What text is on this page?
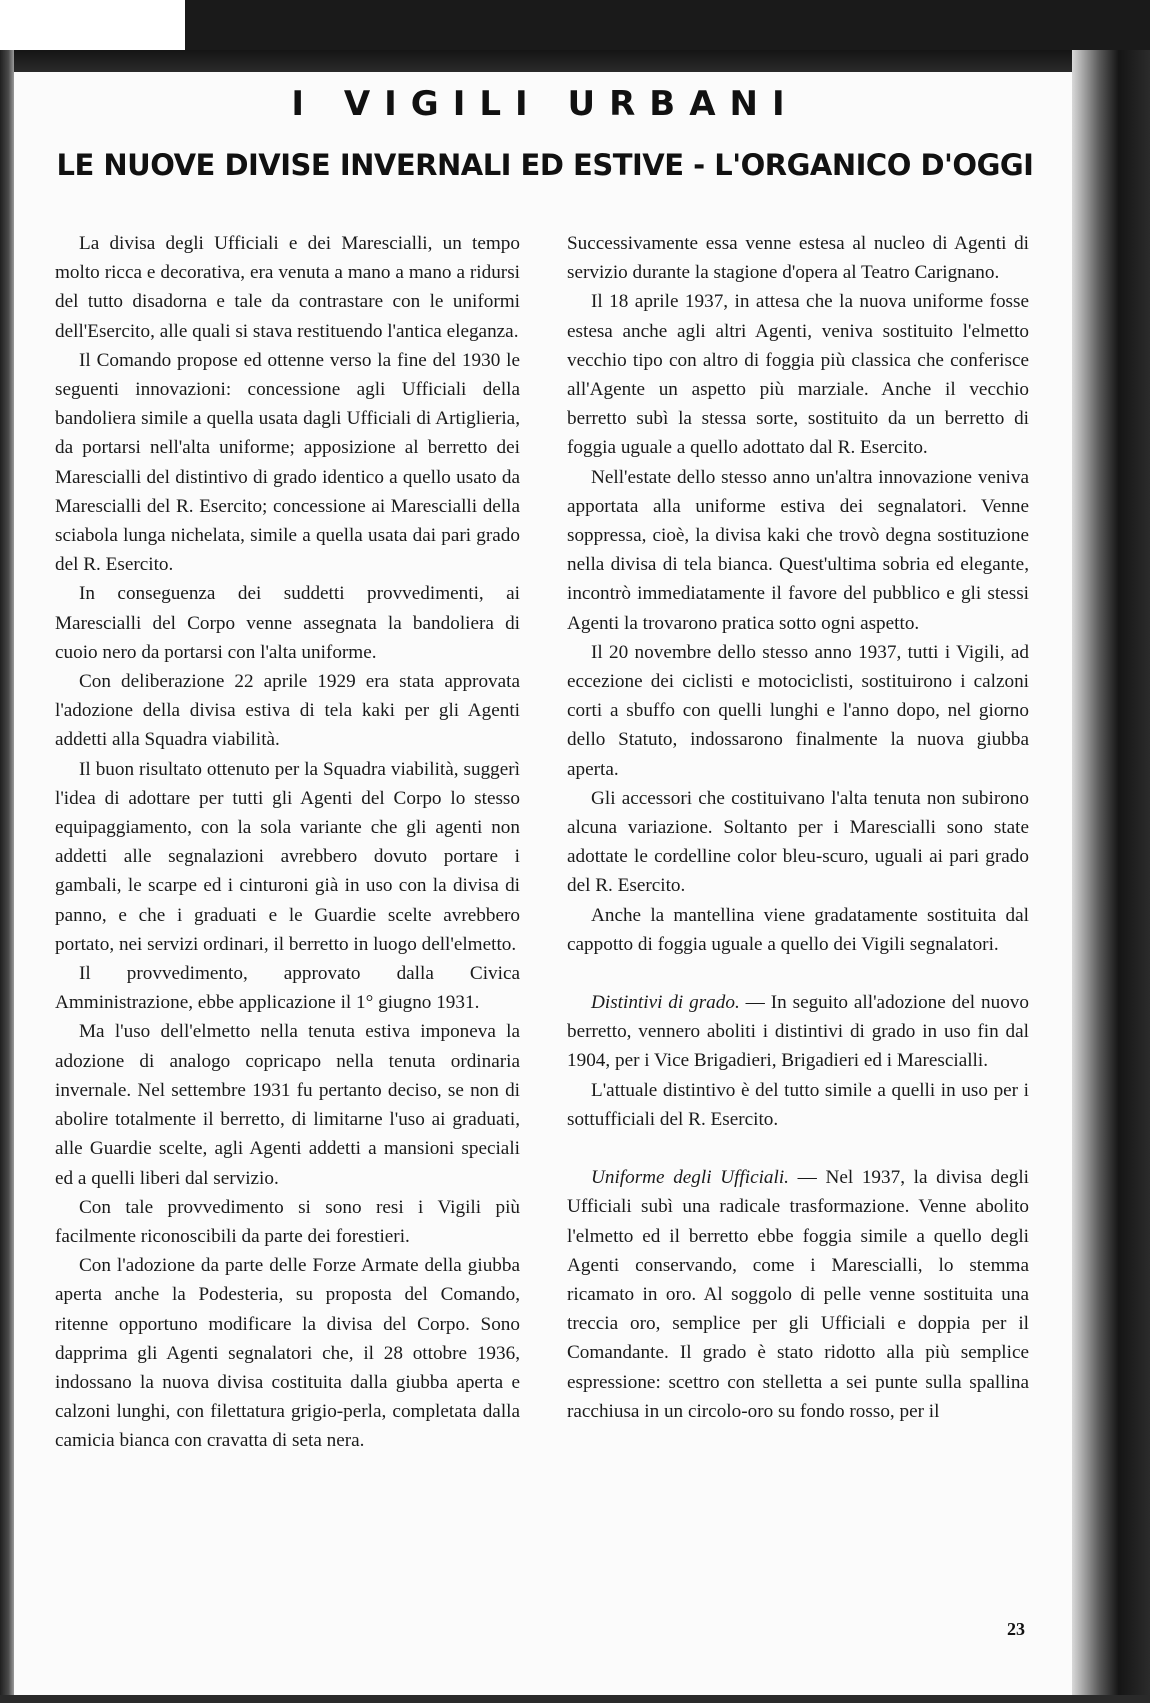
I VIGILI URBANI
LE NUOVE DIVISE INVERNALI ED ESTIVE - L'ORGANICO D'OGGI

La divisa degli Ufficiali e dei Marescialli, un tempo molto ricca e decorativa, era venuta a mano a mano a ridursi del tutto disadorna e tale da contrastare con le uniformi dell'Esercito, alle quali si stava restituendo l'antica eleganza.

Il Comando propose ed ottenne verso la fine del 1930 le seguenti innovazioni: concessione agli Ufficiali della bandoliera simile a quella usata dagli Ufficiali di Artiglieria, da portarsi nell'alta uniforme; apposizione al berretto dei Marescialli del distintivo di grado identico a quello usato da Marescialli del R. Esercito; concessione ai Marescialli della sciabola lunga nichelata, simile a quella usata dai pari grado del R. Esercito.

In conseguenza dei suddetti provvedimenti, ai Marescialli del Corpo venne assegnata la bandoliera di cuoio nero da portarsi con l'alta uniforme.

Con deliberazione 22 aprile 1929 era stata approvata l'adozione della divisa estiva di tela kaki per gli Agenti addetti alla Squadra viabilità.

Il buon risultato ottenuto per la Squadra viabilità, suggerì l'idea di adottare per tutti gli Agenti del Corpo lo stesso equipaggiamento, con la sola variante che gli agenti non addetti alle segnalazioni avrebbero dovuto portare i gambali, le scarpe ed i cinturoni già in uso con la divisa di panno, e che i graduati e le Guardie scelte avrebbero portato, nei servizi ordinari, il berretto in luogo dell'elmetto.

Il provvedimento, approvato dalla Civica Amministrazione, ebbe applicazione il 1° giugno 1931.

Ma l'uso dell'elmetto nella tenuta estiva imponeva la adozione di analogo copricapo nella tenuta ordinaria invernale. Nel settembre 1931 fu pertanto deciso, se non di abolire totalmente il berretto, di limitarne l'uso ai graduati, alle Guardie scelte, agli Agenti addetti a mansioni speciali ed a quelli liberi dal servizio.

Con tale provvedimento si sono resi i Vigili più facilmente riconoscibili da parte dei forestieri.

Con l'adozione da parte delle Forze Armate della giubba aperta anche la Podesteria, su proposta del Comando, ritenne opportuno modificare la divisa del Corpo. Sono dapprima gli Agenti segnalatori che, il 28 ottobre 1936, indossano la nuova divisa costituita dalla giubba aperta e calzoni lunghi, con filettatura grigio-perla, completata dalla camicia bianca con cravatta di seta nera.

Successivamente essa venne estesa al nucleo di Agenti di servizio durante la stagione d'opera al Teatro Carignano.

Il 18 aprile 1937, in attesa che la nuova uniforme fosse estesa anche agli altri Agenti, veniva sostituito l'elmetto vecchio tipo con altro di foggia più classica che conferisce all'Agente un aspetto più marziale. Anche il vecchio berretto subì la stessa sorte, sostituito da un berretto di foggia uguale a quello adottato dal R. Esercito.

Nell'estate dello stesso anno un'altra innovazione veniva apportata alla uniforme estiva dei segnalatori. Venne soppressa, cioè, la divisa kaki che trovò degna sostituzione nella divisa di tela bianca. Quest'ultima sobria ed elegante, incontrò immediatamente il favore del pubblico e gli stessi Agenti la trovarono pratica sotto ogni aspetto.

Il 20 novembre dello stesso anno 1937, tutti i Vigili, ad eccezione dei ciclisti e motociclisti, sostituirono i calzoni corti a sbuffo con quelli lunghi e l'anno dopo, nel giorno dello Statuto, indossarono finalmente la nuova giubba aperta.

Gli accessori che costituivano l'alta tenuta non subirono alcuna variazione. Soltanto per i Marescialli sono state adottate le cordelline color bleu-scuro, uguali ai pari grado del R. Esercito.

Anche la mantellina viene gradatamente sostituita dal cappotto di foggia uguale a quello dei Vigili segnalatori.

Distintivi di grado. — In seguito all'adozione del nuovo berretto, vennero aboliti i distintivi di grado in uso fin dal 1904, per i Vice Brigadieri, Brigadieri ed i Marescialli.

L'attuale distintivo è del tutto simile a quelli in uso per i sottufficiali del R. Esercito.

Uniforme degli Ufficiali. — Nel 1937, la divisa degli Ufficiali subì una radicale trasformazione. Venne abolito l'elmetto ed il berretto ebbe foggia simile a quello degli Agenti conservando, come i Marescialli, lo stemma ricamato in oro. Al soggolo di pelle venne sostituita una treccia oro, semplice per gli Ufficiali e doppia per il Comandante. Il grado è stato ridotto alla più semplice espressione: scettro con stelletta a sei punte sulla spallina racchiusa in un circolo-oro su fondo rosso, per il

23
